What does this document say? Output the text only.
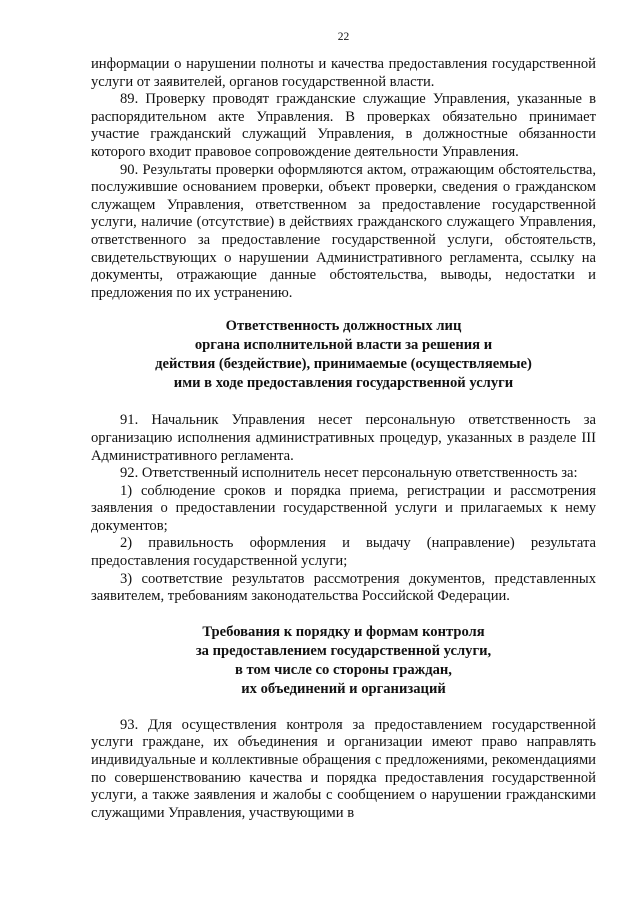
22

информации о нарушении полноты и качества предоставления государственной услуги от заявителей, органов государственной власти.

89. Проверку проводят гражданские служащие Управления, указанные в распорядительном акте Управления. В проверках обязательно принимает участие гражданский служащий Управления, в должностные обязанности которого входит правовое сопровождение деятельности Управления.

90. Результаты проверки оформляются актом, отражающим обстоятельства, послужившие основанием проверки, объект проверки, сведения о гражданском служащем Управления, ответственном за предоставление государственной услуги, наличие (отсутствие) в действиях гражданского служащего Управления, ответственного за предоставление государственной услуги, обстоятельств, свидетельствующих о нарушении Административного регламента, ссылку на документы, отражающие данные обстоятельства, выводы, недостатки и предложения по их устранению.

Ответственность должностных лиц

органа исполнительной власти за решения и

действия (бездействие), принимаемые (осуществляемые)

ими в ходе предоставления государственной услуги

91. Начальник Управления несет персональную ответственность за организацию исполнения административных процедур, указанных в разделе III Административного регламента.

92. Ответственный исполнитель несет персональную ответственность за:

1) соблюдение сроков и порядка приема, регистрации и рассмотрения заявления о предоставлении государственной услуги и прилагаемых к нему документов;

2) правильность оформления и выдачу (направление) результата предоставления государственной услуги;

3) соответствие результатов рассмотрения документов, представленных заявителем, требованиям законодательства Российской Федерации.

Требования к порядку и формам контроля

за предоставлением государственной услуги,

в том числе со стороны граждан,

их объединений и организаций

93. Для осуществления контроля за предоставлением государственной услуги граждане, их объединения и организации имеют право направлять индивидуальные и коллективные обращения с предложениями, рекомендациями по совершенствованию качества и порядка предоставления государственной услуги, а также заявления и жалобы с сообщением о нарушении гражданскими служащими Управления, участвующими в
